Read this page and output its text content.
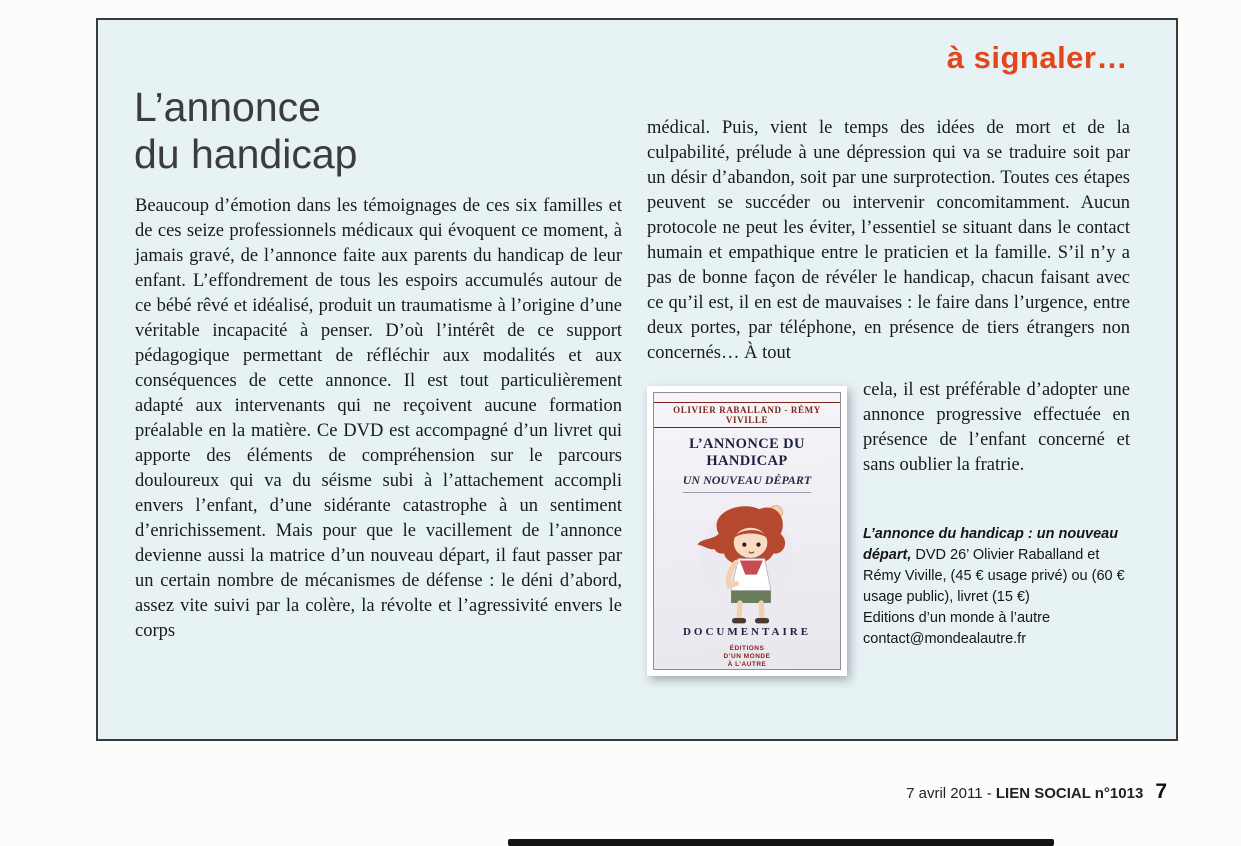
à signaler…
L’annonce
du handicap
Beaucoup d’émotion dans les témoignages de ces six familles et de ces seize professionnels médicaux qui évoquent ce moment, à jamais gravé, de l’annonce faite aux parents du handicap de leur enfant. L’effondrement de tous les espoirs accumulés autour de ce bébé rêvé et idéalisé, produit un traumatisme à l’origine d’une véritable incapacité à penser. D’où l’intérêt de ce support pédagogique permettant de réfléchir aux modalités et aux conséquences de cette annonce. Il est tout particulièrement adapté aux intervenants qui ne reçoivent aucune formation préalable en la matière. Ce DVD est accompagné d’un livret qui apporte des éléments de compréhension sur le parcours douloureux qui va du séisme subi à l’attachement accompli envers l’enfant, d’une sidérante catastrophe à un sentiment d’enrichissement. Mais pour que le vacillement de l’annonce devienne aussi la matrice d’un nouveau départ, il faut passer par un certain nombre de mécanismes de défense : le déni d’abord, assez vite suivi par la colère, la révolte et l’agressivité envers le corps
médical. Puis, vient le temps des idées de mort et de la culpabilité, prélude à une dépression qui va se traduire soit par un désir d’abandon, soit par une surprotection. Toutes ces étapes peuvent se succéder ou intervenir concomitamment. Aucun protocole ne peut les éviter, l’essentiel se situant dans le contact humain et empathique entre le praticien et la famille. S’il n’y a pas de bonne façon de révéler le handicap, chacun faisant avec ce qu’il est, il en est de mauvaises : le faire dans l’urgence, entre deux portes, par téléphone, en présence de tiers étrangers non concernés… À tout
OLIVIER RABALLAND - RÉMY VIVILLE
L’ANNONCE DU HANDICAP
UN NOUVEAU DÉPART
DOCUMENTAIRE
ÉDITIONS
D’UN MONDE
À L’AUTRE
cela, il est préférable d’adopter une annonce progressive effectuée en présence de l’enfant concerné et sans oublier la fratrie.
L’annonce du handicap : un nouveau départ, DVD 26’ Olivier Raballand et Rémy Viville, (45 € usage privé) ou (60 € usage public), livret (15 €)
Editions d’un monde à l’autre
contact@mondealautre.fr
7 avril 2011 - LIEN SOCIAL n°1013 7
